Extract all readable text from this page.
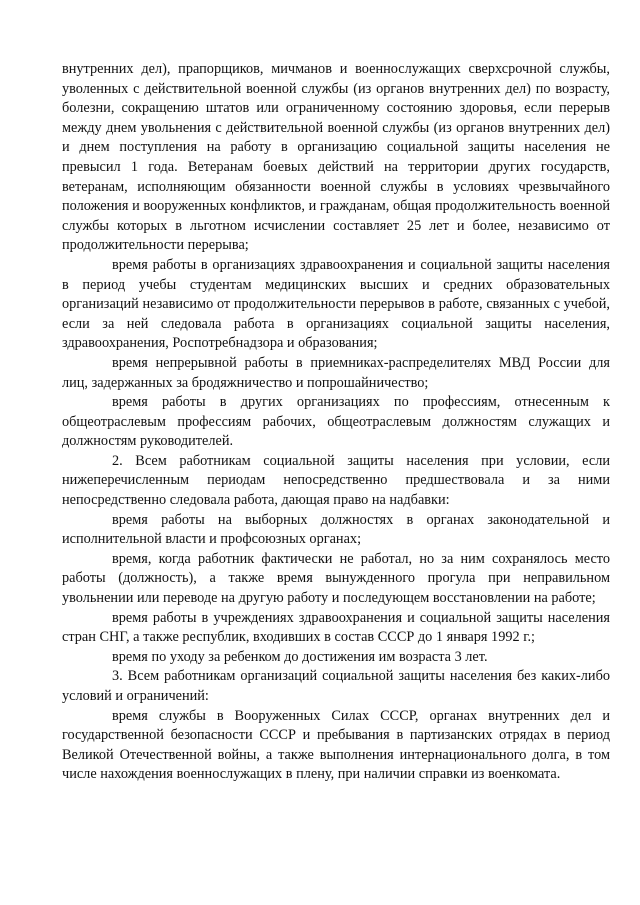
внутренних дел), прапорщиков, мичманов и военнослужащих сверхсрочной службы, уволенных с действительной военной службы (из органов внутренних дел) по возрасту, болезни, сокращению штатов или ограниченному состоянию здоровья, если перерыв между днем увольнения с действительной военной службы (из органов внутренних дел) и днем поступления на работу в организацию социальной защиты населения не превысил 1 года. Ветеранам боевых действий на территории других государств, ветеранам, исполняющим обязанности военной службы в условиях чрезвычайного положения и вооруженных конфликтов, и гражданам, общая продолжительность военной службы которых в льготном исчислении составляет 25 лет и более, независимо от продолжительности перерыва;

время работы в организациях здравоохранения и социальной защиты населения в период учебы студентам медицинских высших и средних образовательных организаций независимо от продолжительности перерывов в работе, связанных с учебой, если за ней следовала работа в организациях социальной защиты населения, здравоохранения, Роспотребнадзора и образования;

время непрерывной работы в приемниках-распределителях МВД России для лиц, задержанных за бродяжничество и попрошайничество;

время работы в других организациях по профессиям, отнесенным к общеотраслевым профессиям рабочих, общеотраслевым должностям служащих и должностям руководителей.

2. Всем работникам социальной защиты населения при условии, если нижеперечисленным периодам непосредственно предшествовала и за ними непосредственно следовала работа, дающая право на надбавки:

время работы на выборных должностях в органах законодательной и исполнительной власти и профсоюзных органах;

время, когда работник фактически не работал, но за ним сохранялось место работы (должность), а также время вынужденного прогула при неправильном увольнении или переводе на другую работу и последующем восстановлении на работе;

время работы в учреждениях здравоохранения и социальной защиты населения стран СНГ, а также республик, входивших в состав СССР до 1 января 1992 г.;

время по уходу за ребенком до достижения им возраста 3 лет.

3. Всем работникам организаций социальной защиты населения без каких-либо условий и ограничений:

время службы в Вооруженных Силах СССР, органах внутренних дел и государственной безопасности СССР и пребывания в партизанских отрядах в период Великой Отечественной войны, а также выполнения интернационального долга, в том числе нахождения военнослужащих в плену, при наличии справки из военкомата.
